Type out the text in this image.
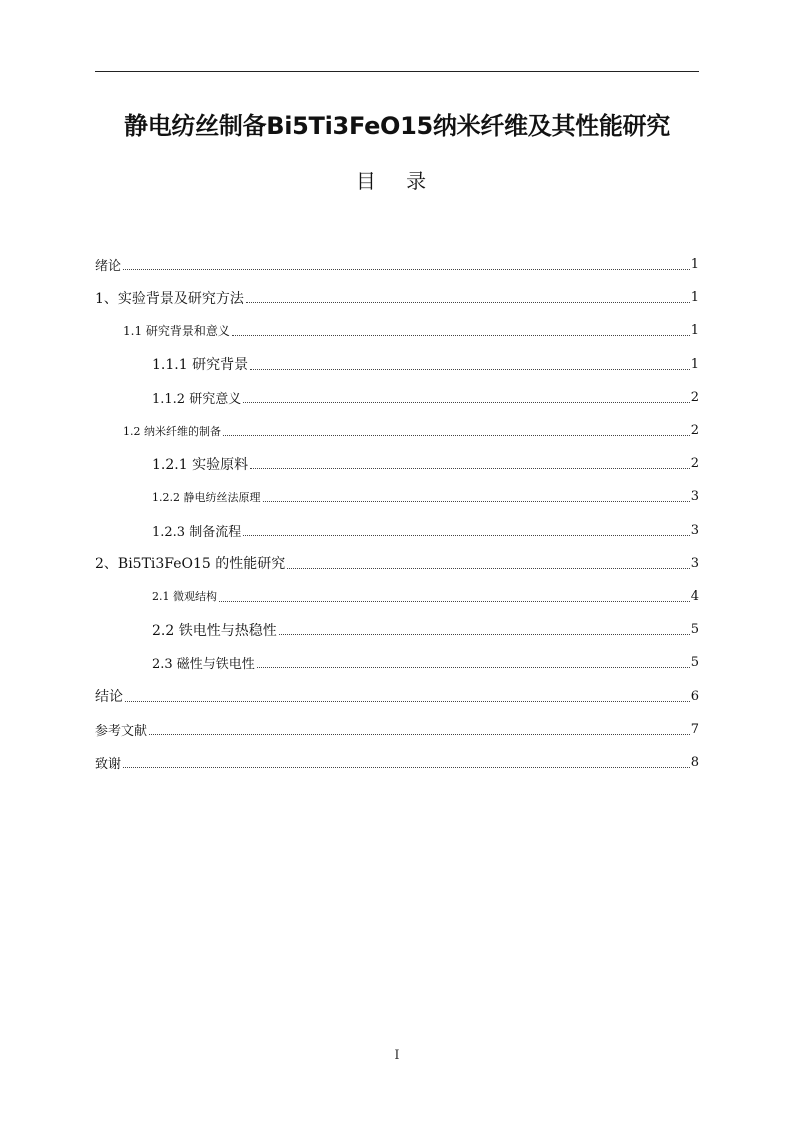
静电纺丝制备Bi5Ti3FeO15纳米纤维及其性能研究
目 录
绪论	1
1、实验背景及研究方法	1
1.1 研究背景和意义	1
1.1.1 研究背景	1
1.1.2 研究意义	2
1.2 纳米纤维的制备	2
1.2.1 实验原料	2
1.2.2 静电纺丝法原理	3
1.2.3 制备流程	3
2、Bi5Ti3FeO15 的性能研究	3
2.1 微观结构	4
2.2 铁电性与热稳性	5
2.3 磁性与铁电性	5
结论	6
参考文献	7
致谢	8
I
